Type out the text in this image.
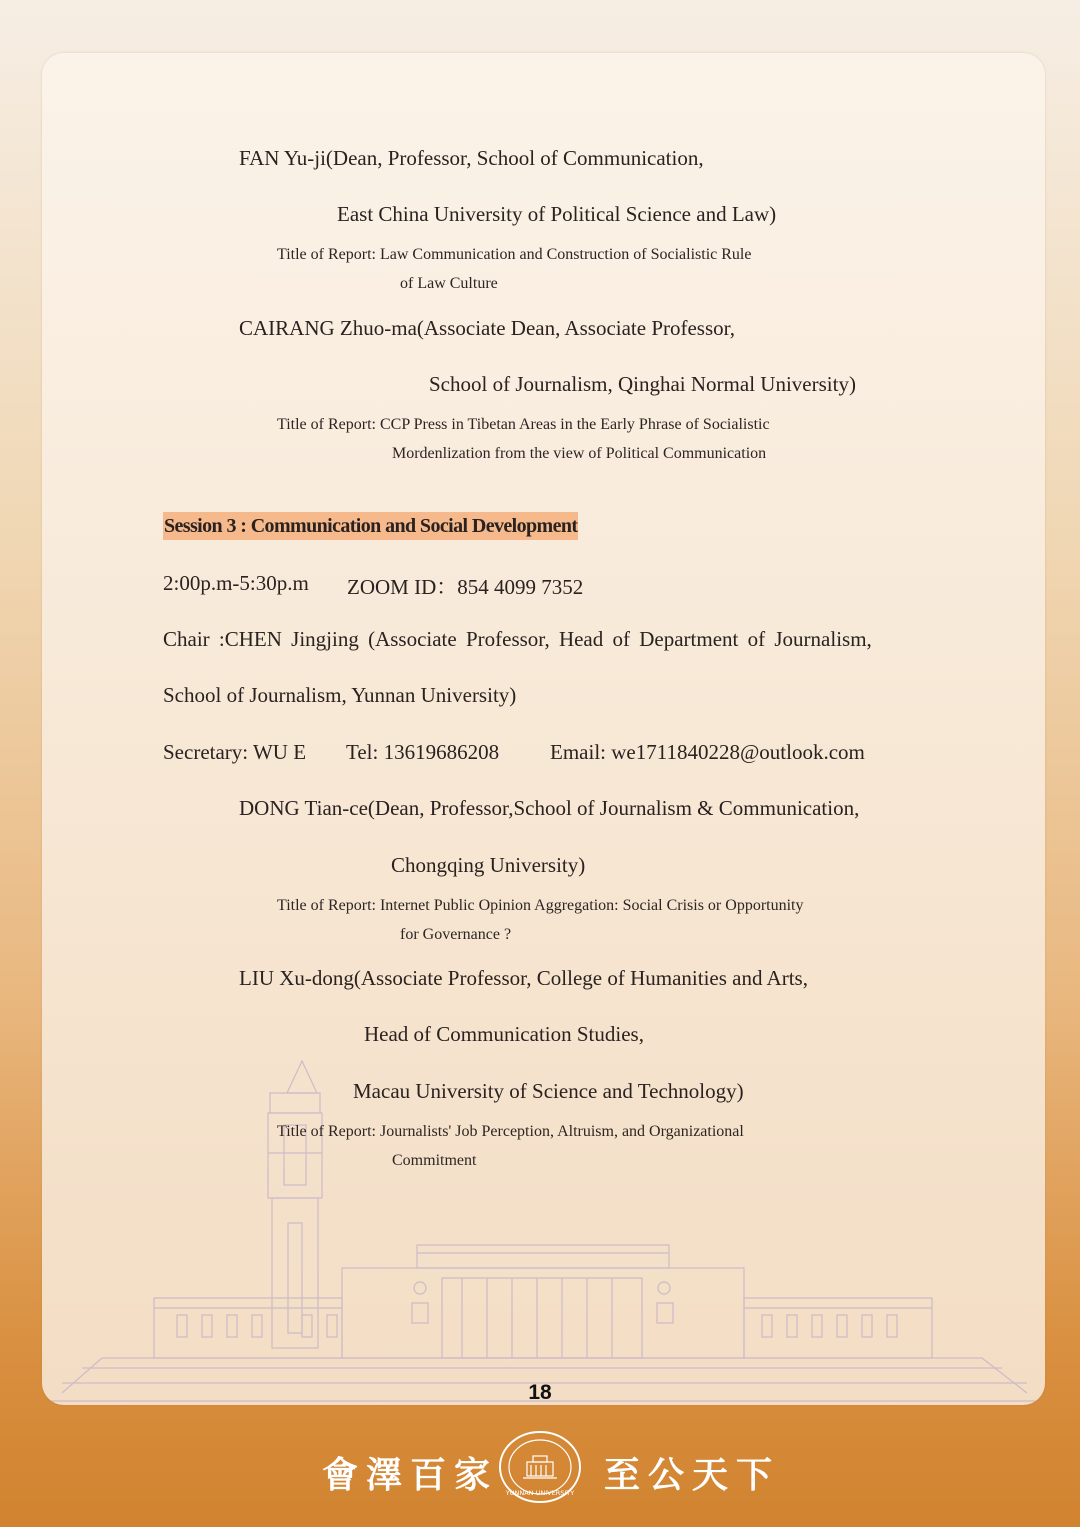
FAN Yu-ji(Dean, Professor, School of Communication,
East China University of Political Science and Law)
Title of Report: Law Communication and Construction of Socialistic Rule
of Law Culture
CAIRANG Zhuo-ma(Associate Dean, Associate Professor,
School of Journalism, Qinghai Normal University)
Title of Report: CCP Press in Tibetan Areas in the Early Phrase of Socialistic
Mordenlization from the view of Political Communication
Session 3 : Communication and Social Development
2:00p.m-5:30p.m ZOOM ID：854 4099 7352
Chair :CHEN Jingjing (Associate Professor, Head of Department of Journalism,
School of Journalism, Yunnan University)
Secretary: WU E Tel: 13619686208 Email: we1711840228@outlook.com
DONG Tian-ce(Dean, Professor,School of Journalism & Communication,
Chongqing University)
Title of Report: Internet Public Opinion Aggregation: Social Crisis or Opportunity
for Governance ?
LIU Xu-dong(Associate Professor, College of Humanities and Arts,
Head of Communication Studies,
Macau University of Science and Technology)
Title of Report: Journalists' Job Perception, Altruism, and Organizational
Commitment
18
會澤百家 YUNNAN UNIVERSITY 至公天下
